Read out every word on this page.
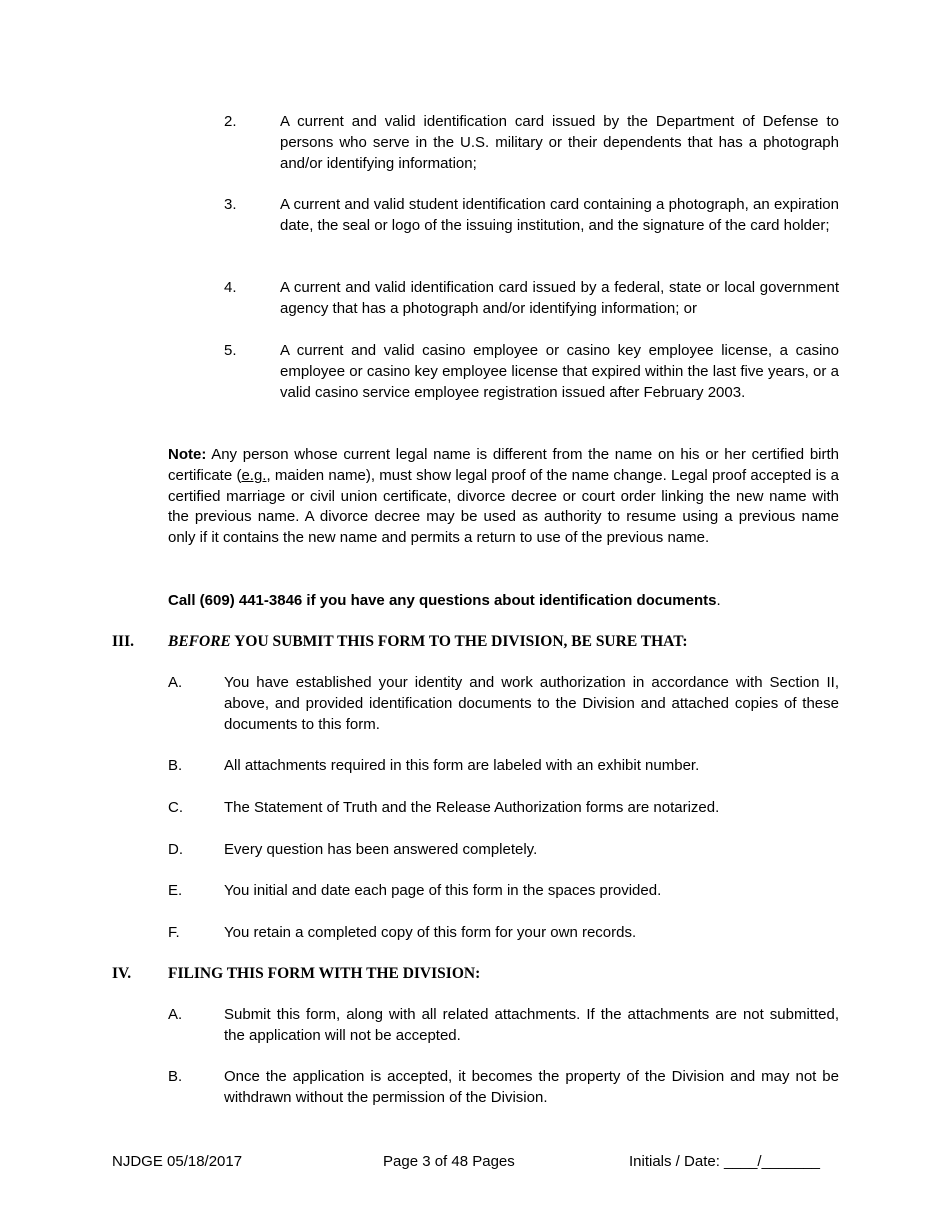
2.	A current and valid identification card issued by the Department of Defense to persons who serve in the U.S. military or their dependents that has a photograph and/or identifying information;
3.	A current and valid student identification card containing a photograph, an expiration date, the seal or logo of the issuing institution, and the signature of the card holder;
4.	A current and valid identification card issued by a federal, state or local government agency that has a photograph and/or identifying information; or
5.	A current and valid casino employee or casino key employee license, a casino employee or casino key employee license that expired within the last five years, or a valid casino service employee registration issued after February 2003.
Note: Any person whose current legal name is different from the name on his or her certified birth certificate (e.g., maiden name), must show legal proof of the name change. Legal proof accepted is a certified marriage or civil union certificate, divorce decree or court order linking the new name with the previous name. A divorce decree may be used as authority to resume using a previous name only if it contains the new name and permits a return to use of the previous name.
Call (609) 441-3846 if you have any questions about identification documents.
III. BEFORE YOU SUBMIT THIS FORM TO THE DIVISION, BE SURE THAT:
A.	You have established your identity and work authorization in accordance with Section II, above, and provided identification documents to the Division and attached copies of these documents to this form.
B.	All attachments required in this form are labeled with an exhibit number.
C.	The Statement of Truth and the Release Authorization forms are notarized.
D.	Every question has been answered completely.
E.	You initial and date each page of this form in the spaces provided.
F.	You retain a completed copy of this form for your own records.
IV. FILING THIS FORM WITH THE DIVISION:
A.	Submit this form, along with all related attachments. If the attachments are not submitted, the application will not be accepted.
B.	Once the application is accepted, it becomes the property of the Division and may not be withdrawn without the permission of the Division.
NJDGE 05/18/2017	Page 3 of 48 Pages	Initials / Date: ____/_______
